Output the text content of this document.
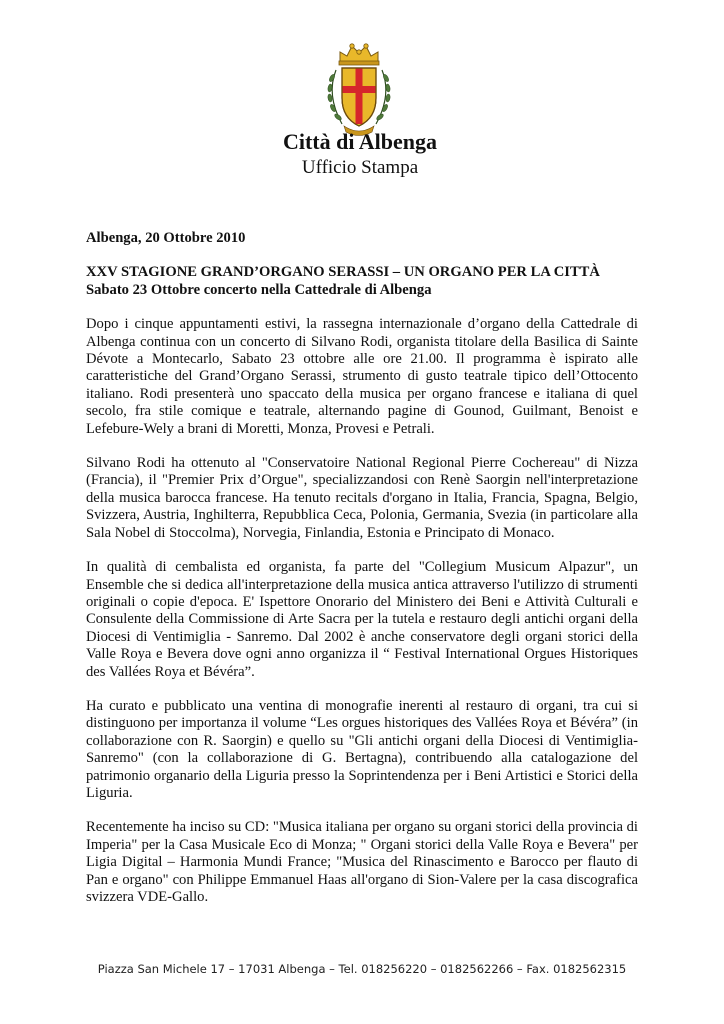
Città di Albenga
Ufficio Stampa

Albenga, 20 Ottobre 2010

XXV STAGIONE GRAND’ORGANO SERASSI – UN ORGANO PER LA CITTÀ

Sabato 23 Ottobre concerto nella Cattedrale di Albenga

Dopo i cinque appuntamenti estivi, la rassegna internazionale d’organo della Cattedrale di Albenga continua con un concerto di Silvano Rodi, organista titolare della Basilica di Sainte Dévote a Montecarlo, Sabato 23 ottobre alle ore 21.00. Il programma è ispirato alle caratteristiche del Grand’Organo Serassi, strumento di gusto teatrale tipico dell’Ottocento italiano. Rodi presenterà uno spaccato della musica per organo francese e italiana di quel secolo, fra stile comique e teatrale, alternando pagine di Gounod, Guilmant, Benoist e Lefebure-Wely a brani di Moretti, Monza, Provesi e Petrali.

Silvano Rodi ha ottenuto al "Conservatoire National Regional Pierre Cochereau" di Nizza (Francia), il "Premier Prix d’Orgue", specializzandosi con Renè Saorgin nell'interpretazione della musica barocca francese. Ha tenuto recitals d'organo in Italia, Francia, Spagna, Belgio, Svizzera, Austria, Inghilterra, Repubblica Ceca, Polonia, Germania, Svezia (in particolare alla Sala Nobel di Stoccolma), Norvegia, Finlandia, Estonia e Principato di Monaco.

In qualità di cembalista ed organista, fa parte del "Collegium Musicum Alpazur", un Ensemble che si dedica all'interpretazione della musica antica attraverso l'utilizzo di strumenti originali o copie d'epoca. E' Ispettore Onorario del Ministero dei Beni e Attività Culturali e Consulente della Commissione di Arte Sacra per la tutela e restauro degli antichi organi della Diocesi di Ventimiglia - Sanremo. Dal 2002 è anche conservatore degli organi storici della Valle Roya e Bevera dove ogni anno organizza il “ Festival International Orgues Historiques des Vallées Roya et Bévéra”.

Ha curato e pubblicato una ventina di monografie inerenti al restauro di organi, tra cui si distinguono per importanza il volume “Les orgues historiques des Vallées Roya et Bévéra” (in collaborazione con R. Saorgin) e quello su "Gli antichi organi della Diocesi di Ventimiglia-Sanremo" (con la collaborazione di G. Bertagna), contribuendo alla catalogazione del patrimonio organario della Liguria presso la Soprintendenza per i Beni Artistici e Storici della Liguria.

Recentemente ha inciso su CD: "Musica italiana per organo su organi storici della provincia di Imperia" per la Casa Musicale Eco di Monza; " Organi storici della Valle Roya e Bevera" per Ligia Digital – Harmonia Mundi France; "Musica del Rinascimento e Barocco per flauto di Pan e organo" con Philippe Emmanuel Haas all'organo di Sion-Valere per la casa discografica svizzera VDE-Gallo.

Piazza San Michele 17 – 17031 Albenga – Tel. 018256220 – 0182562266 – Fax. 0182562315
